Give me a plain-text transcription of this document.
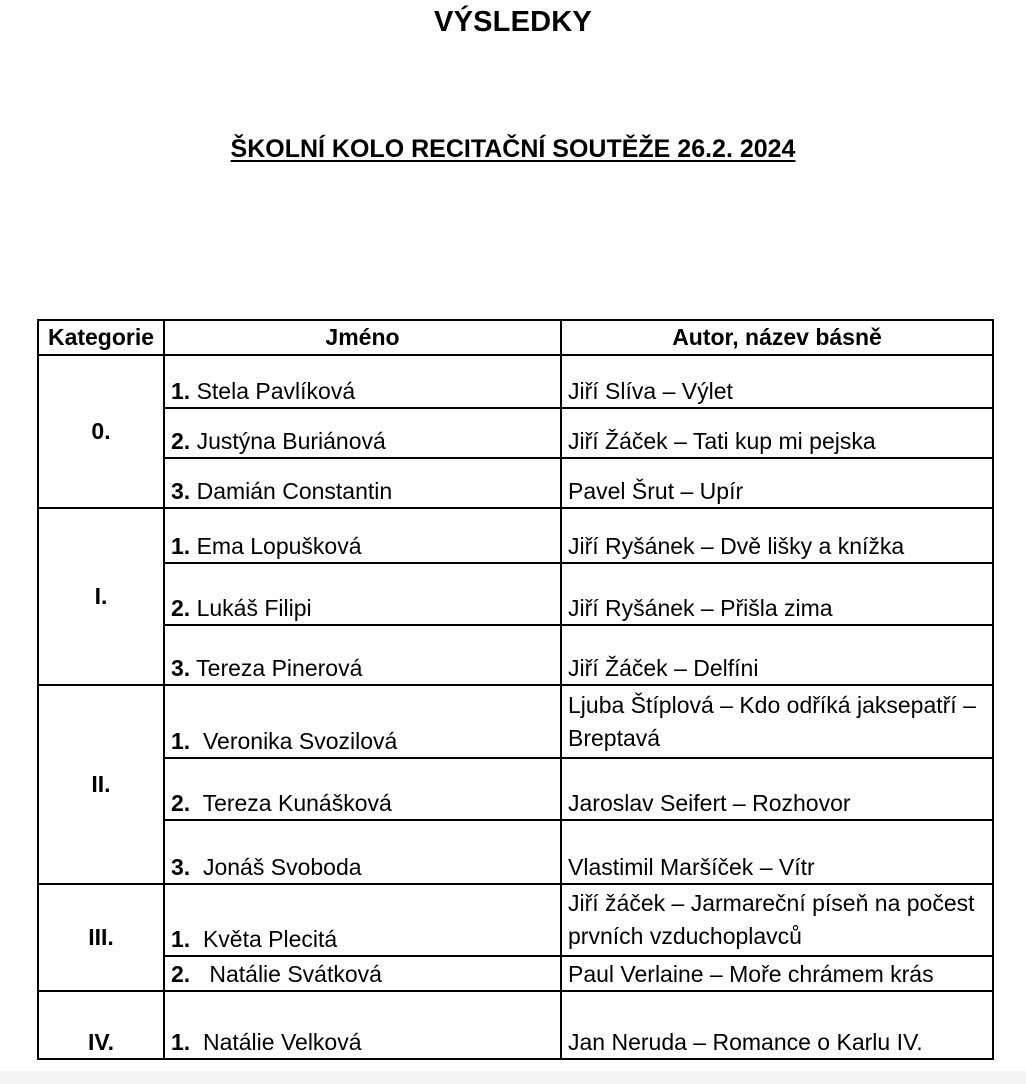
VÝSLEDKY
ŠKOLNÍ KOLO RECITAČNÍ SOUTĚŽE 26.2. 2024
Kategorie	Jméno	Autor, název básně
0.	1. Stela Pavlíková	Jiří Slíva – Výlet
	2. Justýna Buriánová	Jiří Žáček – Tati kup mi pejska
	3. Damián Constantin	Pavel Šrut – Upír
I.	1. Ema Lopušková	Jiří Ryšánek – Dvě lišky a knížka
	2. Lukáš Filipi	Jiří Ryšánek – Přišla zima
	3. Tereza Pinerová	Jiří Žáček – Delfíni
II.	1. Veronika Svozilová	Ljuba Štíplová – Kdo odříká jaksepatří – Breptavá
	2. Tereza Kunášková	Jaroslav Seifert – Rozhovor
	3. Jonáš Svoboda	Vlastimil Maršíček – Vítr
III.	1. Květa Plecitá	Jiří žáček – Jarmareční píseň na počest prvních vzduchoplavců
	2. Natálie Svátková	Paul Verlaine – Moře chrámem krás
IV.	1. Natálie Velková	Jan Neruda – Romance o Karlu IV.
